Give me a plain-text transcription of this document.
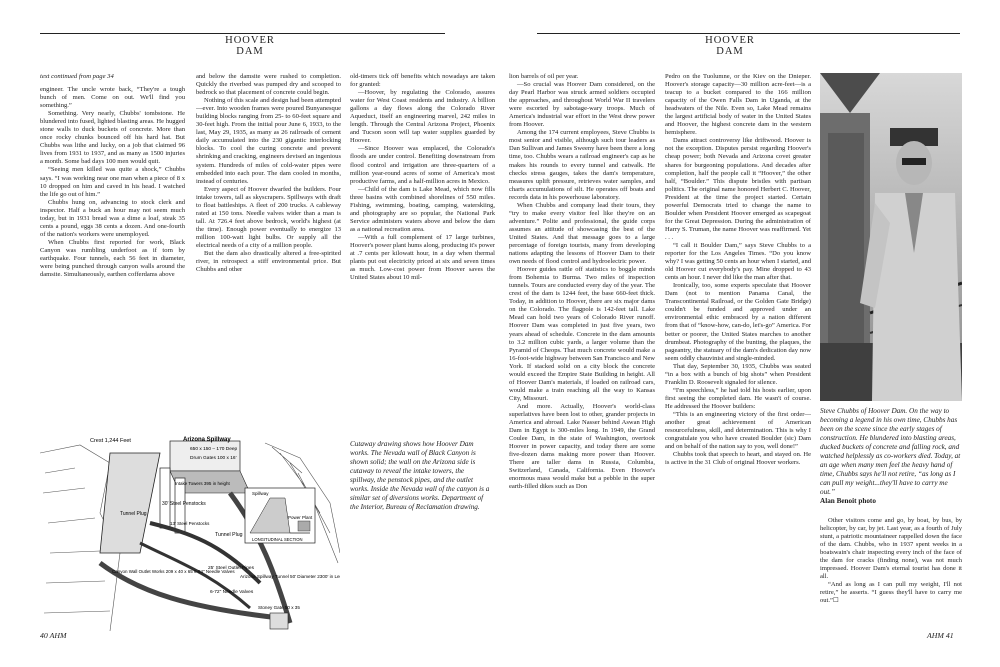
HOOVER
DAM
HOOVER
DAM
text continued from page 34

engineer. The uncle wrote back, “They're a tough bunch of men. Come on out. We'll find you something.”

Something. Very nearly, Chubbs' tombstone. He blundered into fused, lighted blasting areas. He hugged stone walls to duck buckets of concrete. More than once rocky chunks bounced off his hard hat. But Chubbs was lithe and lucky, on a job that claimed 96 lives from 1931 to 1937, and as many as 1500 injuries a month. Some bad days 100 men would quit.

“Seeing men killed was quite a shock,” Chubbs says. “I was working near one man when a piece of 8 x 10 dropped on him and caved in his head. I watched the life go out of him.”

Chubbs hung on, advancing to stock clerk and inspector. Half a buck an hour may not seem much today, but in 1931 bread was a dime a loaf, steak 35 cents a pound, eggs 38 cents a dozen. And one-fourth of the nation's workers were unemployed.

When Chubbs first reported for work, Black Canyon was rumbling underfoot as if torn by earthquake. Four tunnels, each 56 feet in diameter, were being punched through canyon walls around the damsite. Simultaneously, earthen cofferdams above

and below the damsite were rushed to completion. Quickly the riverbed was pumped dry and scooped to bedrock so that placement of concrete could begin.

Nothing of this scale and design had been attempted—ever. Into wooden frames were poured Bunyanesque building blocks ranging from 25- to 60-feet square and 30-feet high. From the initial pour June 6, 1933, to the last, May 29, 1935, as many as 26 railroads of cement daily accumulated into the 230 gigantic interlocking blocks. To cool the curing concrete and prevent shrinking and cracking, engineers devised an ingenious system. Hundreds of miles of cold-water pipes were embedded into each pour. The dam cooled in months, instead of centuries.

Every aspect of Hoover dwarfed the builders. Four intake towers, tall as skyscrapers. Spillways with draft to float battleships. A fleet of 200 trucks. A cableway rated at 150 tons. Needle valves wider than a man is tall. At 726.4 feet above bedrock, world's highest (at the time). Enough power eventually to energize 13 million 100-watt light bulbs. Or supply all the electrical needs of a city of a million people.

But the dam also drastically altered a free-spirited river, in retrospect a stiff environmental price. But Chubbs and other

old-timers tick off benefits which nowadays are taken for granted:

—Hoover, by regulating the Colorado, assures water for West Coast residents and industry. A billion gallons a day flows along the Colorado River Aqueduct, itself an engineering marvel, 242 miles in length. Through the Central Arizona Project, Phoenix and Tucson soon will tap water supplies guarded by Hoover.

—Since Hoover was emplaced, the Colorado's floods are under control. Benefiting downstream from flood control and irrigation are three-quarters of a million year-round acres of some of America's most productive farms, and a half-million acres in Mexico.

—Child of the dam is Lake Mead, which now fills three basins with combined shorelines of 550 miles. Fishing, swimming, boating, camping, waterskiing, and photography are so popular, the National Park Service administers waters above and below the dam as a national recreation area.

—With a full complement of 17 large turbines, Hoover's power plant hums along, producing it's power at .7 cents per kilowatt hour, in a day when thermal plants put out electricity priced at six and seven times as much. Low-cost power from Hoover saves the United States about 10 mil-

Crest 1,244 Feet	Arizona Spillway
650 x 150 – 170 Deep
Drum Gates 100 x 16'
Intake Towers 395 in height
30' Steel Penstocks
13' Steel Penstocks
Tunnel Plug
Tunnel Plug
Spillway
Power Plant
LONGITUDINAL SECTION
Canyon Wall Outlet Works 209 x 40 x 65 6-84" Needle Valves
25' Steel Outlet Pipes
6-72" Needle Valves
Arizona Spillway Tunnel 50' Diameter 2300' in Length
Stoney Gate 50 x 35
Cutaway drawing shows how Hoover Dam works. The Nevada wall of Black Canyon is shown solid; the wall on the Arizona side is cutaway to reveal the intake towers, the spillway, the penstock pipes, and the outlet works. Inside the Nevada wall of the canyon is a similar set of diversions works. Department of the Interior, Bureau of Reclamation drawing.
40 AHM

lion barrels of oil per year.

—So crucial was Hoover Dam considered, on the day Pearl Harbor was struck armed soldiers occupied the approaches, and throughout World War II travelers were escorted by sabotage-wary troops. Much of America's industrial war effort in the West drew power from Hoover.

Among the 174 current employees, Steve Chubbs is most senior and visible, although such tour leaders as Dan Sullivan and James Sweeny have been there a long time, too. Chubbs wears a railroad engineer's cap as he makes his rounds to every tunnel and catwalk. He checks stress gauges, takes the dam's temperature, measures uplift pressure, retrieves water samples, and charts accumulations of silt. He operates off boats and records data in his powerhouse laboratory.

When Chubbs and company lead their tours, they “try to make every visitor feel like they're on an adventure.” Polite and professional, the guide corps assumes an attitude of showcasing the best of the United States. And that message goes to a large percentage of foreign tourists, many from developing nations adapting the lessons of Hoover Dam to their own needs of flood control and hydroelectric power.

Hoover guides rattle off statistics to boggle minds from Bohemia to Burma. Two miles of inspection tunnels. Tours are conducted every day of the year. The crest of the dam is 1244 feet, the base 660-feet thick. Today, in addition to Hoover, there are six major dams on the Colorado. The flagpole is 142-feet tall. Lake Mead can hold two years of Colorado River runoff. Hoover Dam was completed in just five years, two years ahead of schedule. Concrete in the dam amounts to 3.2 million cubic yards, a larger volume than the Pyramid of Cheops. That much concrete would make a 16-foot-wide highway between San Francisco and New York. If stacked solid on a city block the concrete would exceed the Empire State Building in height. All of Hoover Dam's materials, if loaded on railroad cars, would make a train reaching all the way to Kansas City, Missouri.

And more. Actually, Hoover's world-class superlatives have been lost to other, grander projects in America and abroad. Lake Nasser behind Aswan High Dam in Egypt is 300-miles long. In 1949, the Grand Coulee Dam, in the state of Washington, overtook Hoover in power capacity, and today there are some five-dozen dams making more power than Hoover. There are taller dams in Russia, Columbia, Switzerland, Canada, California. Even Hoover's enormous mass would make but a pebble in the super earth-filled dikes such as Don

Pedro on the Tuolumne, or the Kiev on the Dnieper. Hoover's storage capacity—30 million acre-feet—is a teacup to a bucket compared to the 166 million capacity of the Owen Falls Dam in Uganda, at the headwaters of the Nile. Even so, Lake Mead remains the largest artificial body of water in the United States and Hoover, the highest concrete dam in the western hemisphere.

Dams attract controversy like driftwood. Hoover is not the exception. Disputes persist regarding Hoover's cheap power; both Nevada and Arizona covet greater shares for burgeoning populations. And decades after completion, half the people call it “Hoover,” the other half, “Boulder.” This dispute bristles with partisan politics. The original name honored Herbert C. Hoover, President at the time the project started. Certain powerful Democrats tried to change the name to Boulder when President Hoover emerged as scapegoat for the Great Depression. During the administration of Harry S. Truman, the name Hoover was reaffirmed. Yet . . .

“I call it Boulder Dam,” says Steve Chubbs to a reporter for the Los Angeles Times. “Do you know why? I was getting 50 cents an hour when I started, and old Hoover cut everybody's pay. Mine dropped to 43 cents an hour. I never did like the man after that.

Ironically, too, some experts speculate that Hoover Dam (not to mention Panama Canal, the Transcontinental Railroad, or the Golden Gate Bridge) couldn't be funded and approved under an environmental ethic embraced by a nation different from that of “know-how, can-do, let's-go” America. For better or poorer, the United States marches to another drumbeat. Photography of the bunting, the plaques, the pageantry, the statuary of the dam's dedication day now seem oddly chauvinist and single-minded.

That day, September 30, 1935, Chubbs was seated “in a box with a bunch of big shots” when President Franklin D. Roosevelt signaled for silence.

“I'm speechless,” he had told his hosts earlier, upon first seeing the completed dam. He wasn't of course. He addressed the Hoover builders:

“This is an engineering victory of the first order—another great achievement of American resourcefulness, skill, and determination. This is why I congratulate you who have created Boulder (sic) Dam and on behalf of the nation say to you, well done!”

Chubbs took that speech to heart, and stayed on. He is active in the 31 Club of original Hoover workers.

Steve Chubbs of Hoover Dam. On the way to becoming a legend in his own time, Chubbs has been on the scene since the early stages of construction. He blundered into blasting areas, ducked buckets of concrete and falling rock, and watched helplessly as co-workers died. Today, at an age when many men feel the heavy hand of time, Chubbs says he'll not retire, “as long as I can pull my weight...they'll have to carry me out.”
Alan Benoit photo

Other visitors come and go, by boat, by bus, by helicopter, by car, by jet. Last year, as a fourth of July stunt, a patriotic mountaineer rappelled down the face of the dam. Chubbs, who in 1937 spent weeks in a boatswain's chair inspecting every inch of the face of the dam for cracks (finding none), was not much impressed. Hoover Dam's eternal tourist has done it all.

“And as long as I can pull my weight, I'll not retire,” he asserts. “I guess they'll have to carry me out.”☐

AHM 41
